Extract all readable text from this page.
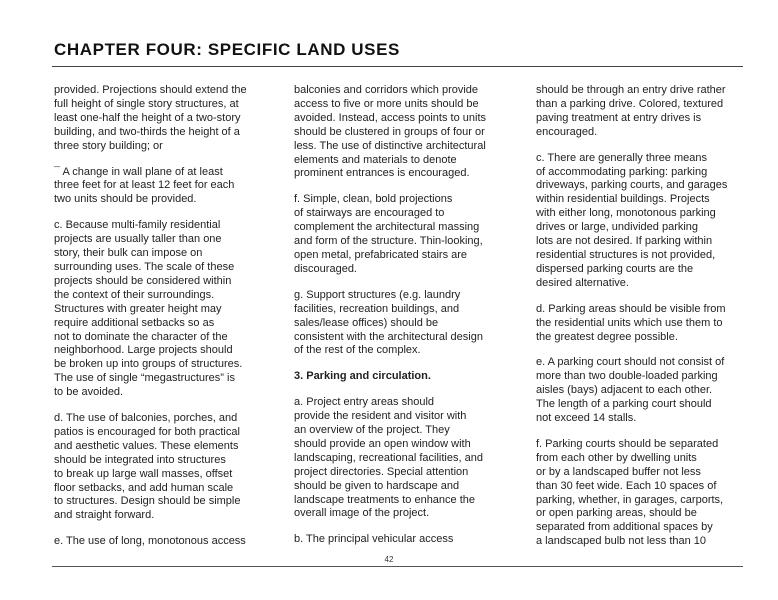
CHAPTER FOUR: SPECIFIC LAND USES

provided. Projections should extend the
full height of single story structures, at
least one-half the height of a two-story
building, and two-thirds the height of a
three story building; or

¯ A change in wall plane of at least
three feet for at least 12 feet for each
two units should be provided.

c. Because multi-family residential
projects are usually taller than one
story, their bulk can impose on
surrounding uses. The scale of these
projects should be considered within
the context of their surroundings.
Structures with greater height may
require additional setbacks so as
not to dominate the character of the
neighborhood. Large projects should
be broken up into groups of structures.
The use of single “megastructures” is
to be avoided.

d. The use of balconies, porches, and
patios is encouraged for both practical
and aesthetic values. These elements
should be integrated into structures
to break up large wall masses, offset
floor setbacks, and add human scale
to structures. Design should be simple
and straight forward.

e. The use of long, monotonous access

balconies and corridors which provide
access to five or more units should be
avoided. Instead, access points to units
should be clustered in groups of four or
less. The use of distinctive architectural
elements and materials to denote
prominent entrances is encouraged.

f. Simple, clean, bold projections
of stairways are encouraged to
complement the architectural massing
and form of the structure. Thin-looking,
open metal, prefabricated stairs are
discouraged.

g. Support structures (e.g. laundry
facilities, recreation buildings, and
sales/lease offices) should be
consistent with the architectural design
of the rest of the complex.

3. Parking and circulation.

a. Project entry areas should
provide the resident and visitor with
an overview of the project. They
should provide an open window with
landscaping, recreational facilities, and
project directories. Special attention
should be given to hardscape and
landscape treatments to enhance the
overall image of the project.

b. The principal vehicular access

should be through an entry drive rather
than a parking drive. Colored, textured
paving treatment at entry drives is
encouraged.

c. There are generally three means
of accommodating parking: parking
driveways, parking courts, and garages
within residential buildings. Projects
with either long, monotonous parking
drives or large, undivided parking
lots are not desired. If parking within
residential structures is not provided,
dispersed parking courts are the
desired alternative.

d. Parking areas should be visible from
the residential units which use them to
the greatest degree possible.

e. A parking court should not consist of
more than two double-loaded parking
aisles (bays) adjacent to each other.
The length of a parking court should
not exceed 14 stalls.

f. Parking courts should be separated
from each other by dwelling units
or by a landscaped buffer not less
than 30 feet wide. Each 10 spaces of
parking, whether, in garages, carports,
or open parking areas, should be
separated from additional spaces by
a landscaped bulb not less than 10

42
